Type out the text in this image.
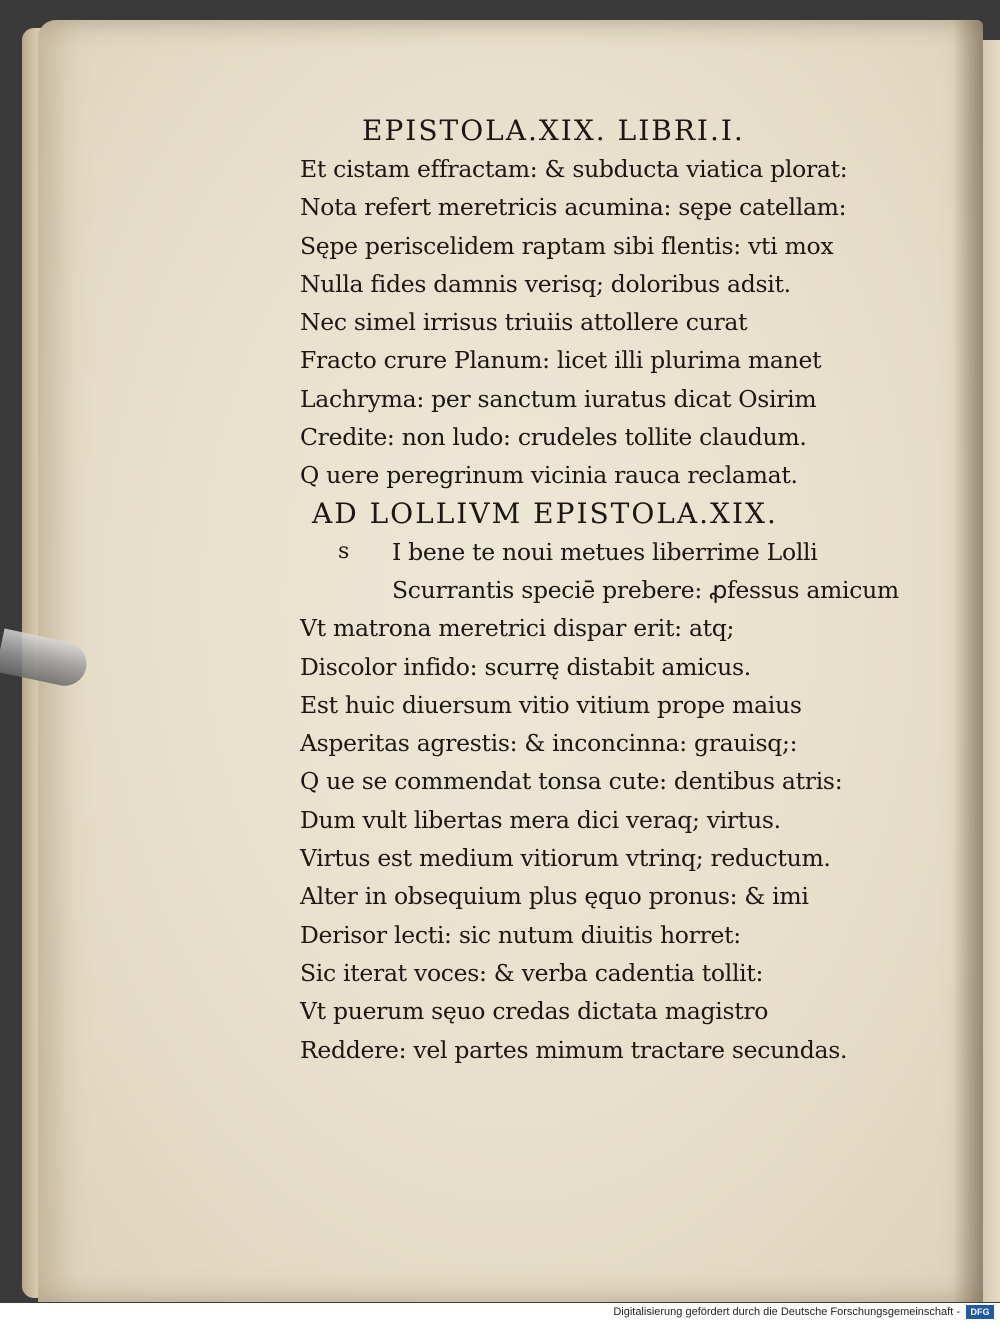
EPISTOLA.XIX. LIBRI.I.
Et cistam effractam: & subducta viatica plorat:
Nota refert meretricis acumina: sępe catellam:
Sępe periscelidem raptam sibi flentis: vti mox
Nulla fides damnis verisq; doloribus adsit.
Nec simel irrisus triuiis attollere curat
Fracto crure Planum: licet illi plurima manet
Lachryma: per sanctum iuratus dicat Osirim
Credite: non ludo: crudeles tollite claudum.
Q uere peregrinum vicinia rauca reclamat.
AD LOLLIVM EPISTOLA.XIX.
s I bene te noui metues liberrime Lolli
Scurrantis speciē prebere: ꝓfessus amicum
Vt matrona meretrici dispar erit: atq;
Discolor infido: scurrę distabit amicus.
Est huic diuersum vitio vitium prope maius
Asperitas agrestis: & inconcinna: grauisq;:
Q ue se commendat tonsa cute: dentibus atris:
Dum vult libertas mera dici veraq; virtus.
Virtus est medium vitiorum vtrinq; reductum.
Alter in obsequium plus ęquo pronus: & imi
Derisor lecti: sic nutum diuitis horret:
Sic iterat voces: & verba cadentia tollit:
Vt puerum sęuo credas dictata magistro
Reddere: vel partes mimum tractare secundas.
Digitalisierung gefördert durch die Deutsche Forschungsgemeinschaft -	DFG
